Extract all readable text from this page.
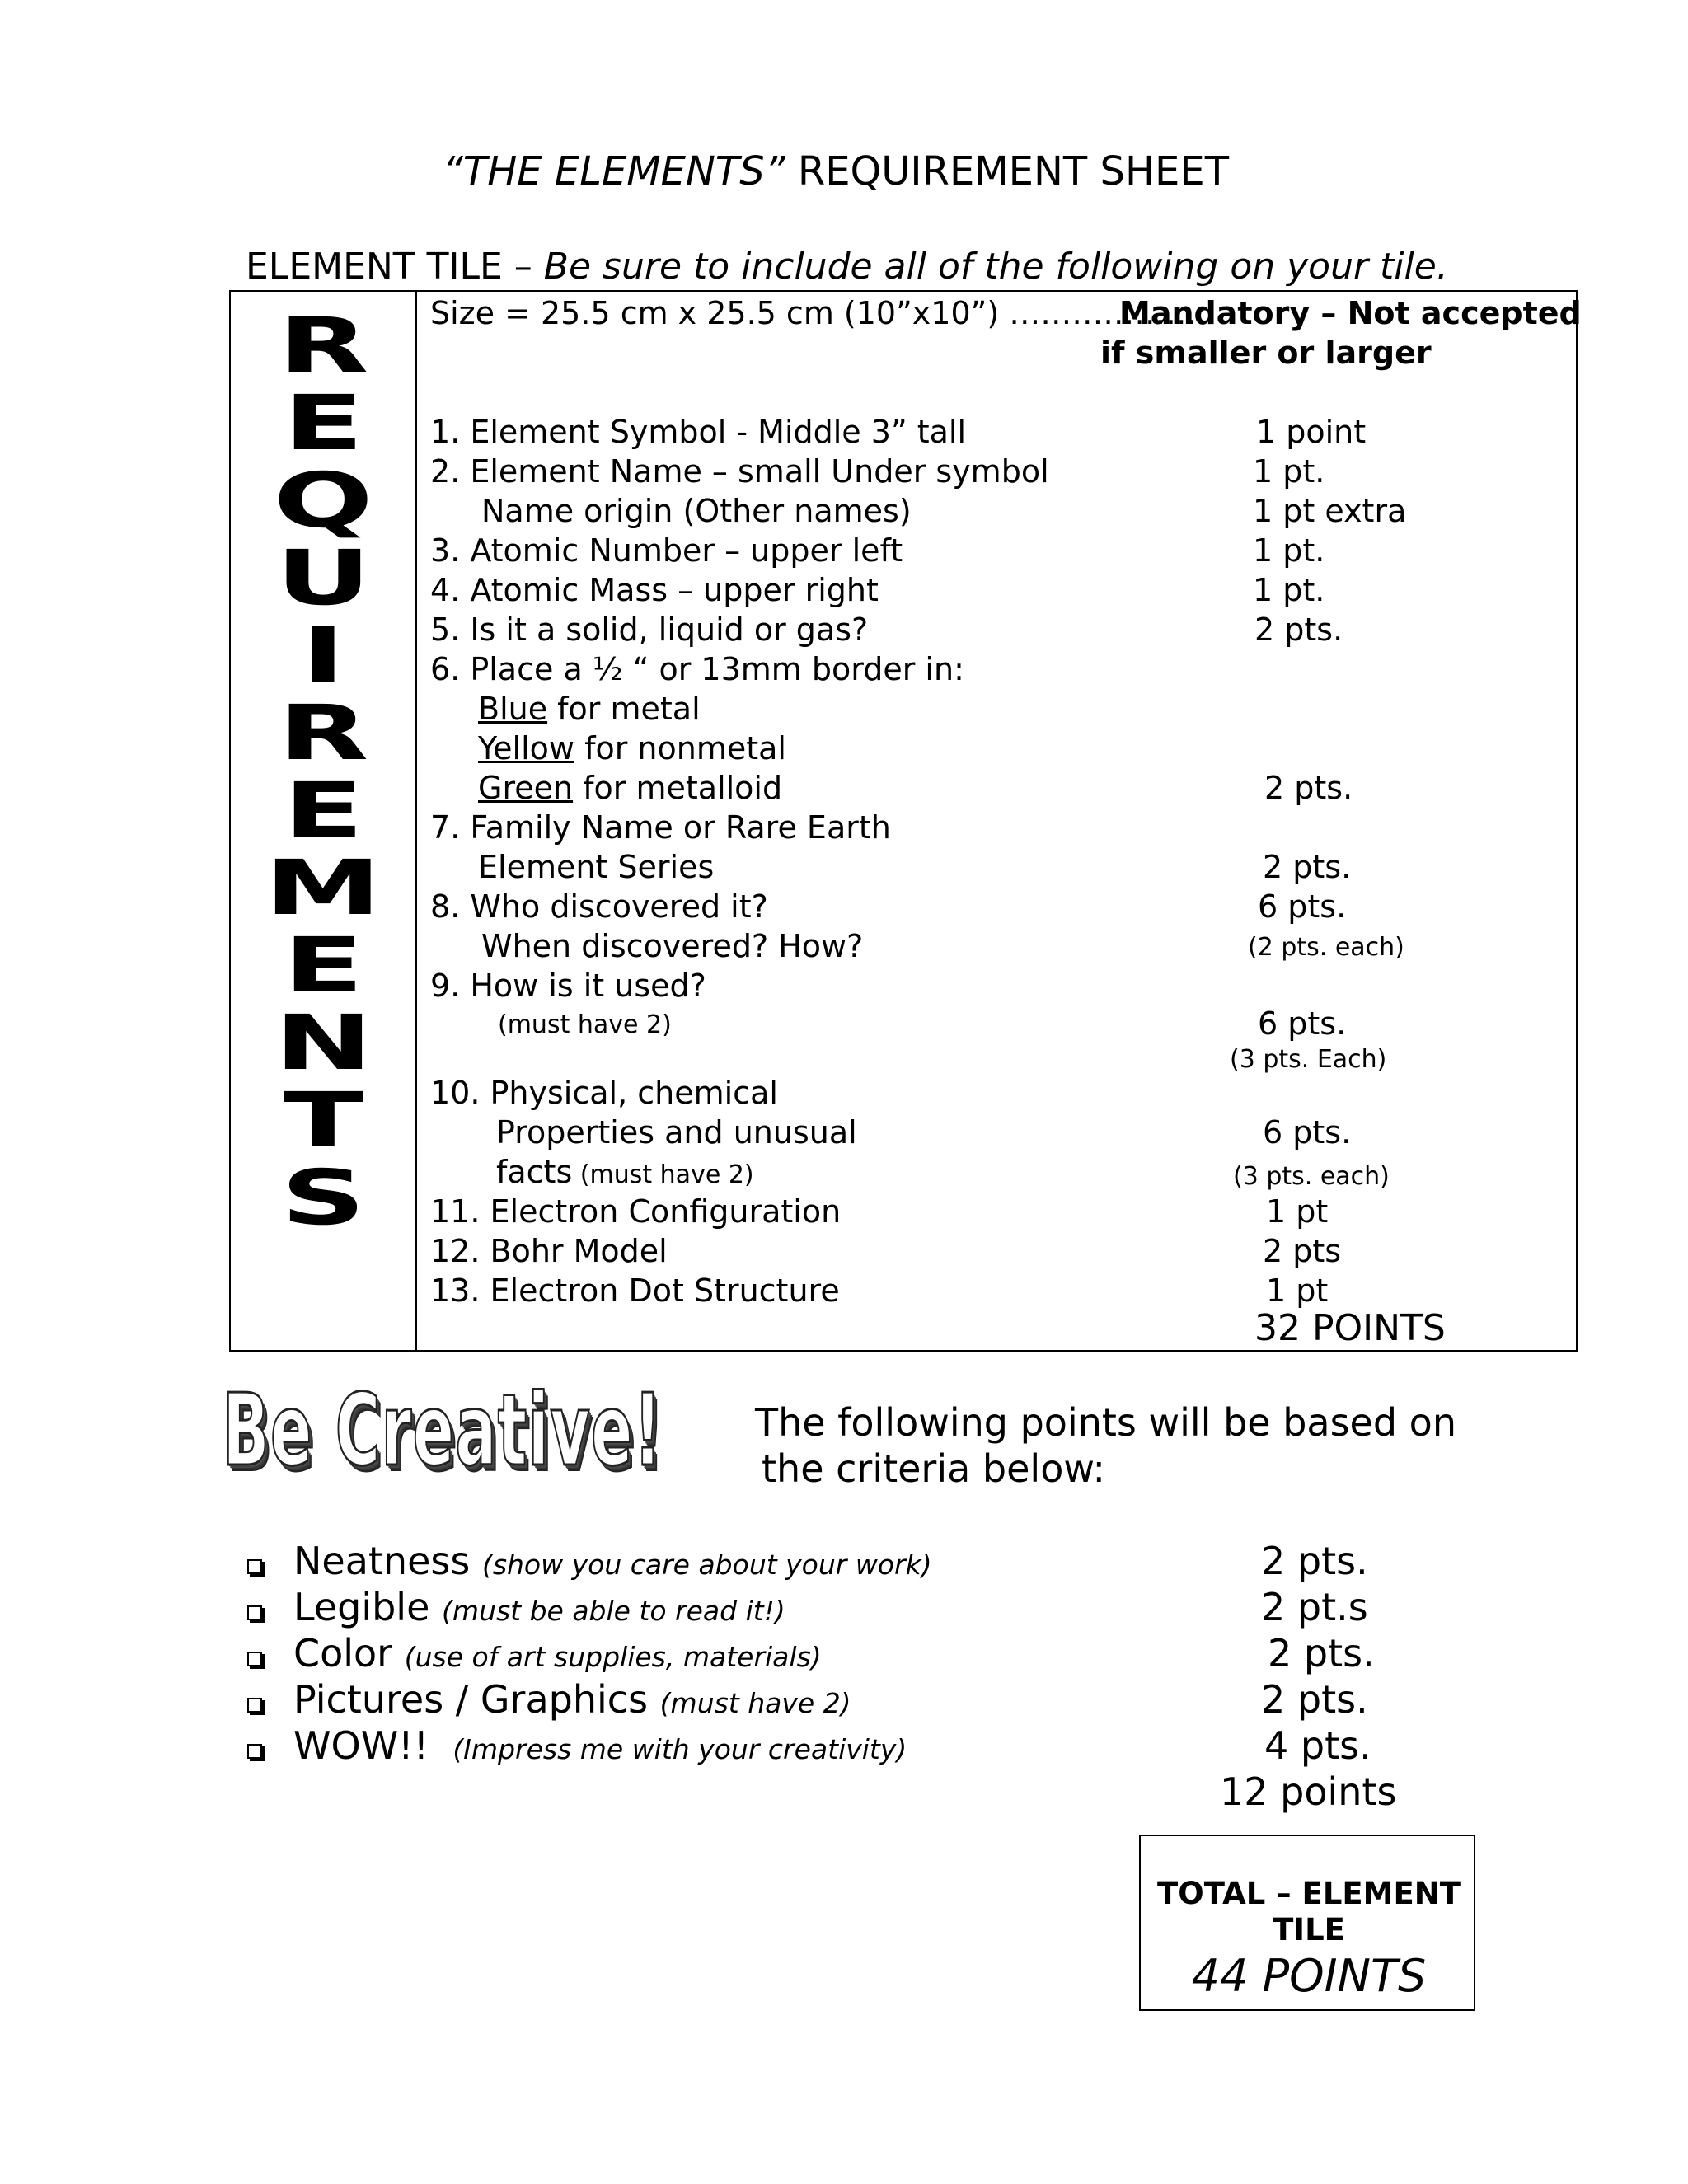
“THE ELEMENTS” REQUIREMENT SHEET
ELEMENT TILE – Be sure to include all of the following on your tile.
R
E
Q
U
I
R
E
M
E
N
T
S
Size = 25.5 cm x 25.5 cm (10”x10”) ………………
Mandatory – Not accepted
if smaller or larger
1. Element Symbol - Middle 3” tall	1 point
2. Element Name – small Under symbol	1 pt.
Name origin (Other names)	1 pt extra
3. Atomic Number – upper left	1 pt.
4. Atomic Mass – upper right	1 pt.
5. Is it a solid, liquid or gas?	2 pts.
6. Place a ½ “ or 13mm border in:
Blue for metal
Yellow for nonmetal
Green for metalloid	2 pts.
7. Family Name or Rare Earth
Element Series	2 pts.
8. Who discovered it?	6 pts.
When discovered? How?	(2 pts. each)
9. How is it used?
(must have 2)	6 pts.
(3 pts. Each)
10. Physical, chemical
Properties and unusual	6 pts.
facts (must have 2)	(3 pts. each)
11. Electron Configuration	1 pt
12. Bohr Model	2 pts
13. Electron Dot Structure	1 pt
32 POINTS
Be Creative! The following points will be based on
the criteria below:
Neatness (show you care about your work)	2 pts.
Legible (must be able to read it!)	2 pt.s
Color (use of art supplies, materials)	2 pts.
Pictures / Graphics (must have 2)	2 pts.
WOW!! (Impress me with your creativity)	4 pts.
12 points
TOTAL – ELEMENT TILE
44 POINTS
